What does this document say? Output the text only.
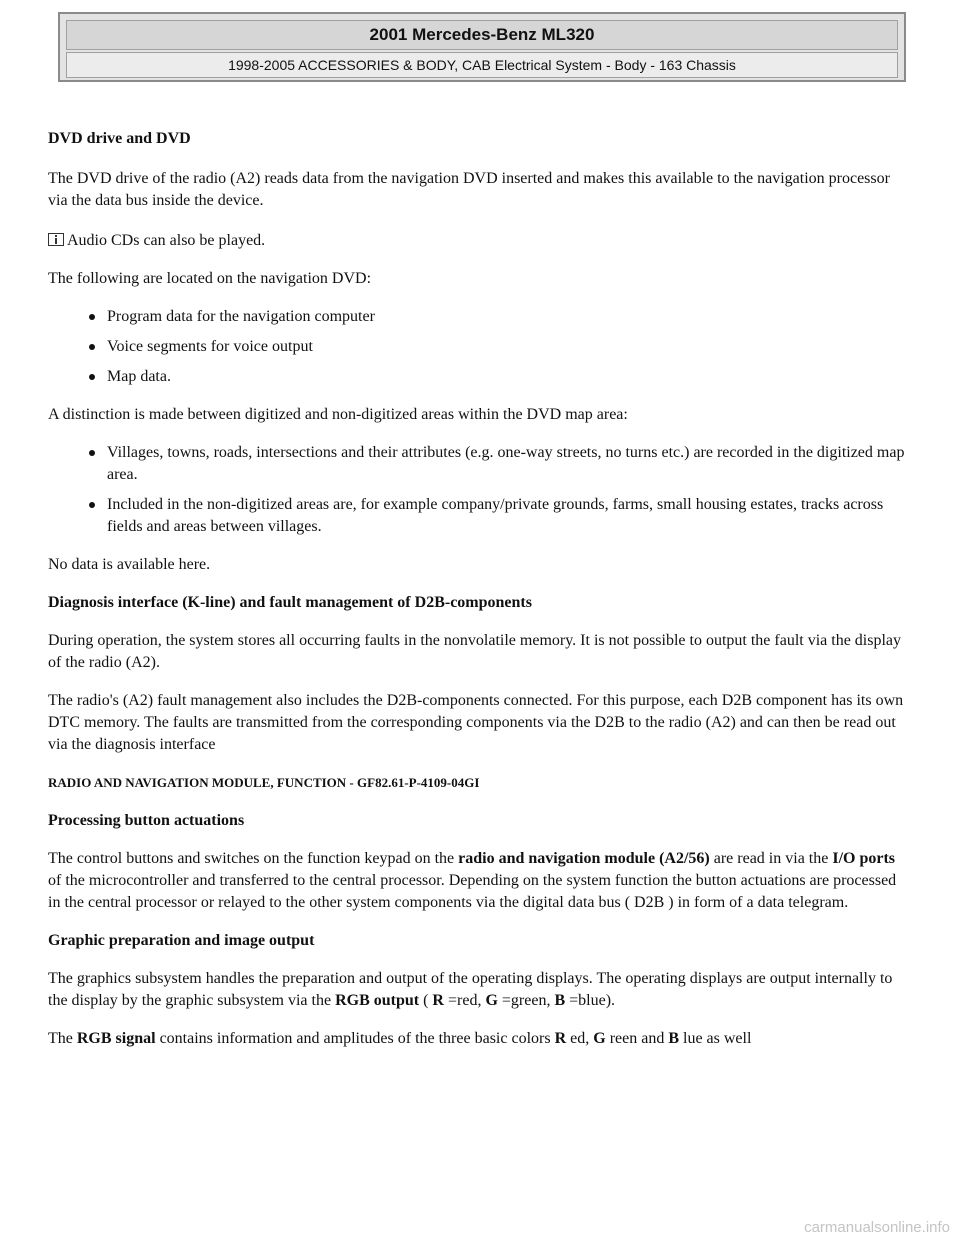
2001 Mercedes-Benz ML320
1998-2005 ACCESSORIES & BODY, CAB Electrical System - Body - 163 Chassis

DVD drive and DVD

The DVD drive of the radio (A2) reads data from the navigation DVD inserted and makes this available to the navigation processor via the data bus inside the device.

Audio CDs can also be played.

The following are located on the navigation DVD:

Program data for the navigation computer
Voice segments for voice output
Map data.

A distinction is made between digitized and non-digitized areas within the DVD map area:

Villages, towns, roads, intersections and their attributes (e.g. one-way streets, no turns etc.) are recorded in the digitized map area.
Included in the non-digitized areas are, for example company/private grounds, farms, small housing estates, tracks across fields and areas between villages.

No data is available here.

Diagnosis interface (K-line) and fault management of D2B-components

During operation, the system stores all occurring faults in the nonvolatile memory. It is not possible to output the fault via the display of the radio (A2).

The radio's (A2) fault management also includes the D2B-components connected. For this purpose, each D2B component has its own DTC memory. The faults are transmitted from the corresponding components via the D2B to the radio (A2) and can then be read out via the diagnosis interface

RADIO AND NAVIGATION MODULE, FUNCTION - GF82.61-P-4109-04GI

Processing button actuations

The control buttons and switches on the function keypad on the radio and navigation module (A2/56) are read in via the I/O ports of the microcontroller and transferred to the central processor. Depending on the system function the button actuations are processed in the central processor or relayed to the other system components via the digital data bus ( D2B ) in form of a data telegram.

Graphic preparation and image output

The graphics subsystem handles the preparation and output of the operating displays. The operating displays are output internally to the display by the graphic subsystem via the RGB output ( R =red, G =green, B =blue).

The RGB signal contains information and amplitudes of the three basic colors R ed, G reen and B lue as well

carmanualsonline.info
